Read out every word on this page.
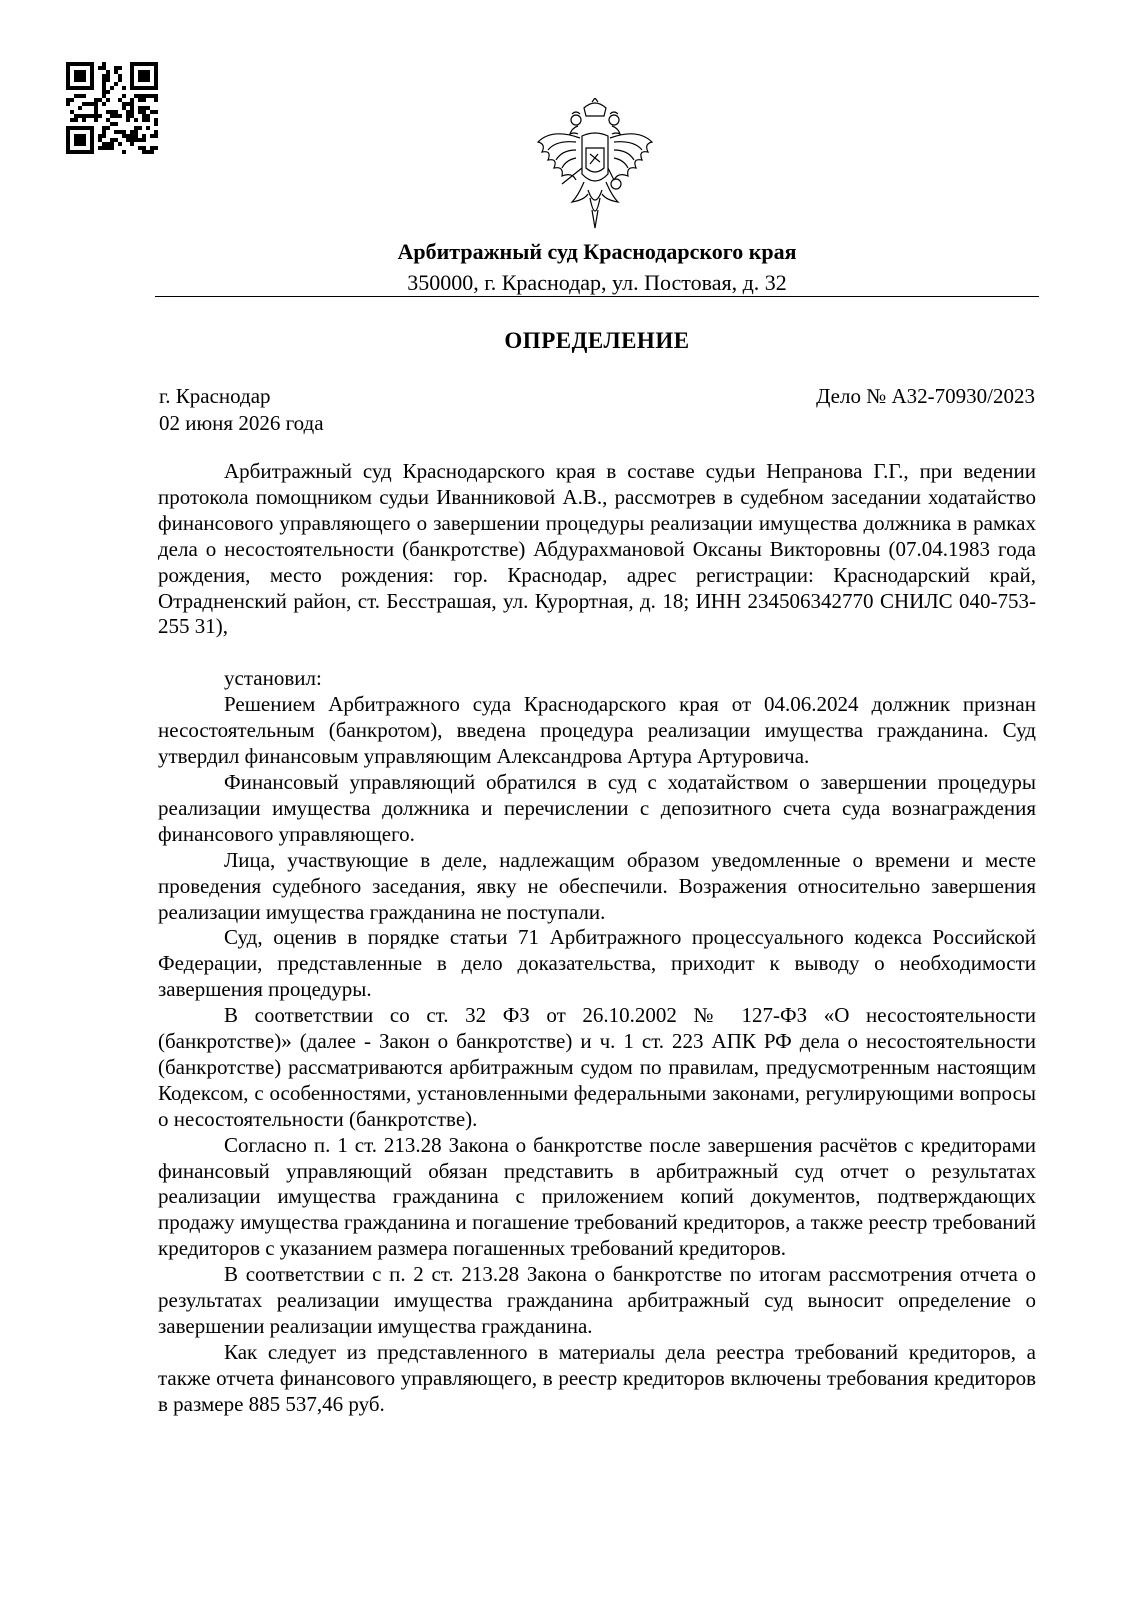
Арбитражный суд Краснодарского края
350000, г. Краснодар, ул. Постовая, д. 32
ОПРЕДЕЛЕНИЕ
г. Краснодар
02 июня 2026 года
Дело № А32-70930/2023

Арбитражный суд Краснодарского края в составе судьи Непранова Г.Г., при ведении протокола помощником судьи Иванниковой А.В., рассмотрев в судебном заседании ходатайство финансового управляющего о завершении процедуры реализации имущества должника в рамках дела о несостоятельности (банкротстве) Абдурахмановой Оксаны Викторовны (07.04.1983 года рождения, место рождения: гор. Краснодар, адрес регистрации: Краснодарский край, Отрадненский район, ст. Бесстрашая, ул. Курортная, д. 18; ИНН 234506342770 СНИЛС 040-753-255 31),

установил:

Решением Арбитражного суда Краснодарского края от 04.06.2024 должник признан несостоятельным (банкротом), введена процедура реализации имущества гражданина. Суд утвердил финансовым управляющим Александрова Артура Артуровича.

Финансовый управляющий обратился в суд с ходатайством о завершении процедуры реализации имущества должника и перечислении с депозитного счета суда вознаграждения финансового управляющего.

Лица, участвующие в деле, надлежащим образом уведомленные о времени и месте проведения судебного заседания, явку не обеспечили. Возражения относительно завершения реализации имущества гражданина не поступали.

Суд, оценив в порядке статьи 71 Арбитражного процессуального кодекса Российской Федерации, представленные в дело доказательства, приходит к выводу о необходимости завершения процедуры.

В соответствии со ст. 32 ФЗ от 26.10.2002 № 127-ФЗ «О несостоятельности (банкротстве)» (далее - Закон о банкротстве) и ч. 1 ст. 223 АПК РФ дела о несостоятельности (банкротстве) рассматриваются арбитражным судом по правилам, предусмотренным настоящим Кодексом, с особенностями, установленными федеральными законами, регулирующими вопросы о несостоятельности (банкротстве).

Согласно п. 1 ст. 213.28 Закона о банкротстве после завершения расчётов с кредиторами финансовый управляющий обязан представить в арбитражный суд отчет о результатах реализации имущества гражданина с приложением копий документов, подтверждающих продажу имущества гражданина и погашение требований кредиторов, а также реестр требований кредиторов с указанием размера погашенных требований кредиторов.

В соответствии с п. 2 ст. 213.28 Закона о банкротстве по итогам рассмотрения отчета о результатах реализации имущества гражданина арбитражный суд выносит определение о завершении реализации имущества гражданина.

Как следует из представленного в материалы дела реестра требований кредиторов, а также отчета финансового управляющего, в реестр кредиторов включены требования кредиторов в размере 885 537,46 руб.
